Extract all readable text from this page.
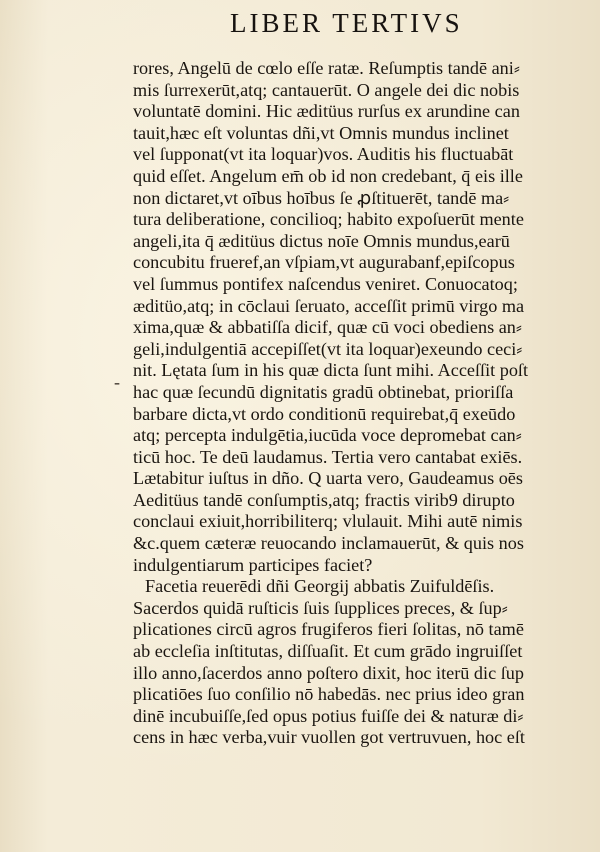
LIBER TERTIVS
-
rores, Angelū de cœlo eſſe ratæ. Reſumptis tandē ani⸗
mis ſurrexerūt,atq; cantauerūt. O angele dei dic nobis
voluntatē domini. Hic æditüus rurſus ex arundine can
tauit,hæc eſt voluntas dñi,vt Omnis mundus inclinet
vel ſupponat(vt ita loquar)vos. Auditis his fluctuabāt
quid eſſet. Angelum em̄ ob id non credebant, q̄ eis ille
non dictaret,vt oībus hoībus ſe ꝓſtituerēt, tandē ma⸗
tura deliberatione, concilioq; habito expoſuerūt mente
angeli,ita q̄ æditüus dictus noīe Omnis mundus,earū
concubitu frueref,an vſpiam,vt augurabanf,epiſcopus
vel ſummus pontifex naſcendus veniret. Conuocatoq;
æditüo,atq; in cōclaui ſeruato, acceſſit primū virgo ma
xima,quæ & abbatiſſa dicif, quæ cū voci obediens an⸗
geli,indulgentiā accepiſſet(vt ita loquar)exeundo ceci⸗
nit. Lętata ſum in his quæ dicta ſunt mihi. Acceſſit poſt
hac quæ ſecundū dignitatis gradū obtinebat, prioriſſa
barbare dicta,vt ordo conditionū requirebat,q̄ exeūdo
atq; percepta indulgētia,iucūda voce depromebat can⸗
ticū hoc. Te deū laudamus. Tertia vero cantabat exiēs.
Lætabitur iuſtus in dño. Q uarta vero, Gaudeamus oēs
Aeditüus tandē conſumptis,atq; fractis virib9 dirupto
conclaui exiuit,horribiliterq; vlulauit. Mihi autē nimis
&c.quem cæteræ reuocando inclamauerūt, & quis nos
indulgentiarum participes faciet?
Facetia reuerēdi dñi Georgij abbatis Zuifuldēſis.
Sacerdos quidā ruſticis ſuis ſupplices preces, & ſup⸗
plicationes circū agros frugiferos fieri ſolitas, nō tamē
ab eccleſia inſtitutas, diſſuaſit. Et cum grādo ingruiſſet
illo anno,ſacerdos anno poſtero dixit, hoc iterū dic ſup
plicatiōes ſuo conſilio nō habedās. nec prius ideo gran
dinē incubuiſſe,ſed opus potius fuiſſe dei & naturæ di⸗
cens in hæc verba,vuir vuollen got vertruvuen, hoc eſt
